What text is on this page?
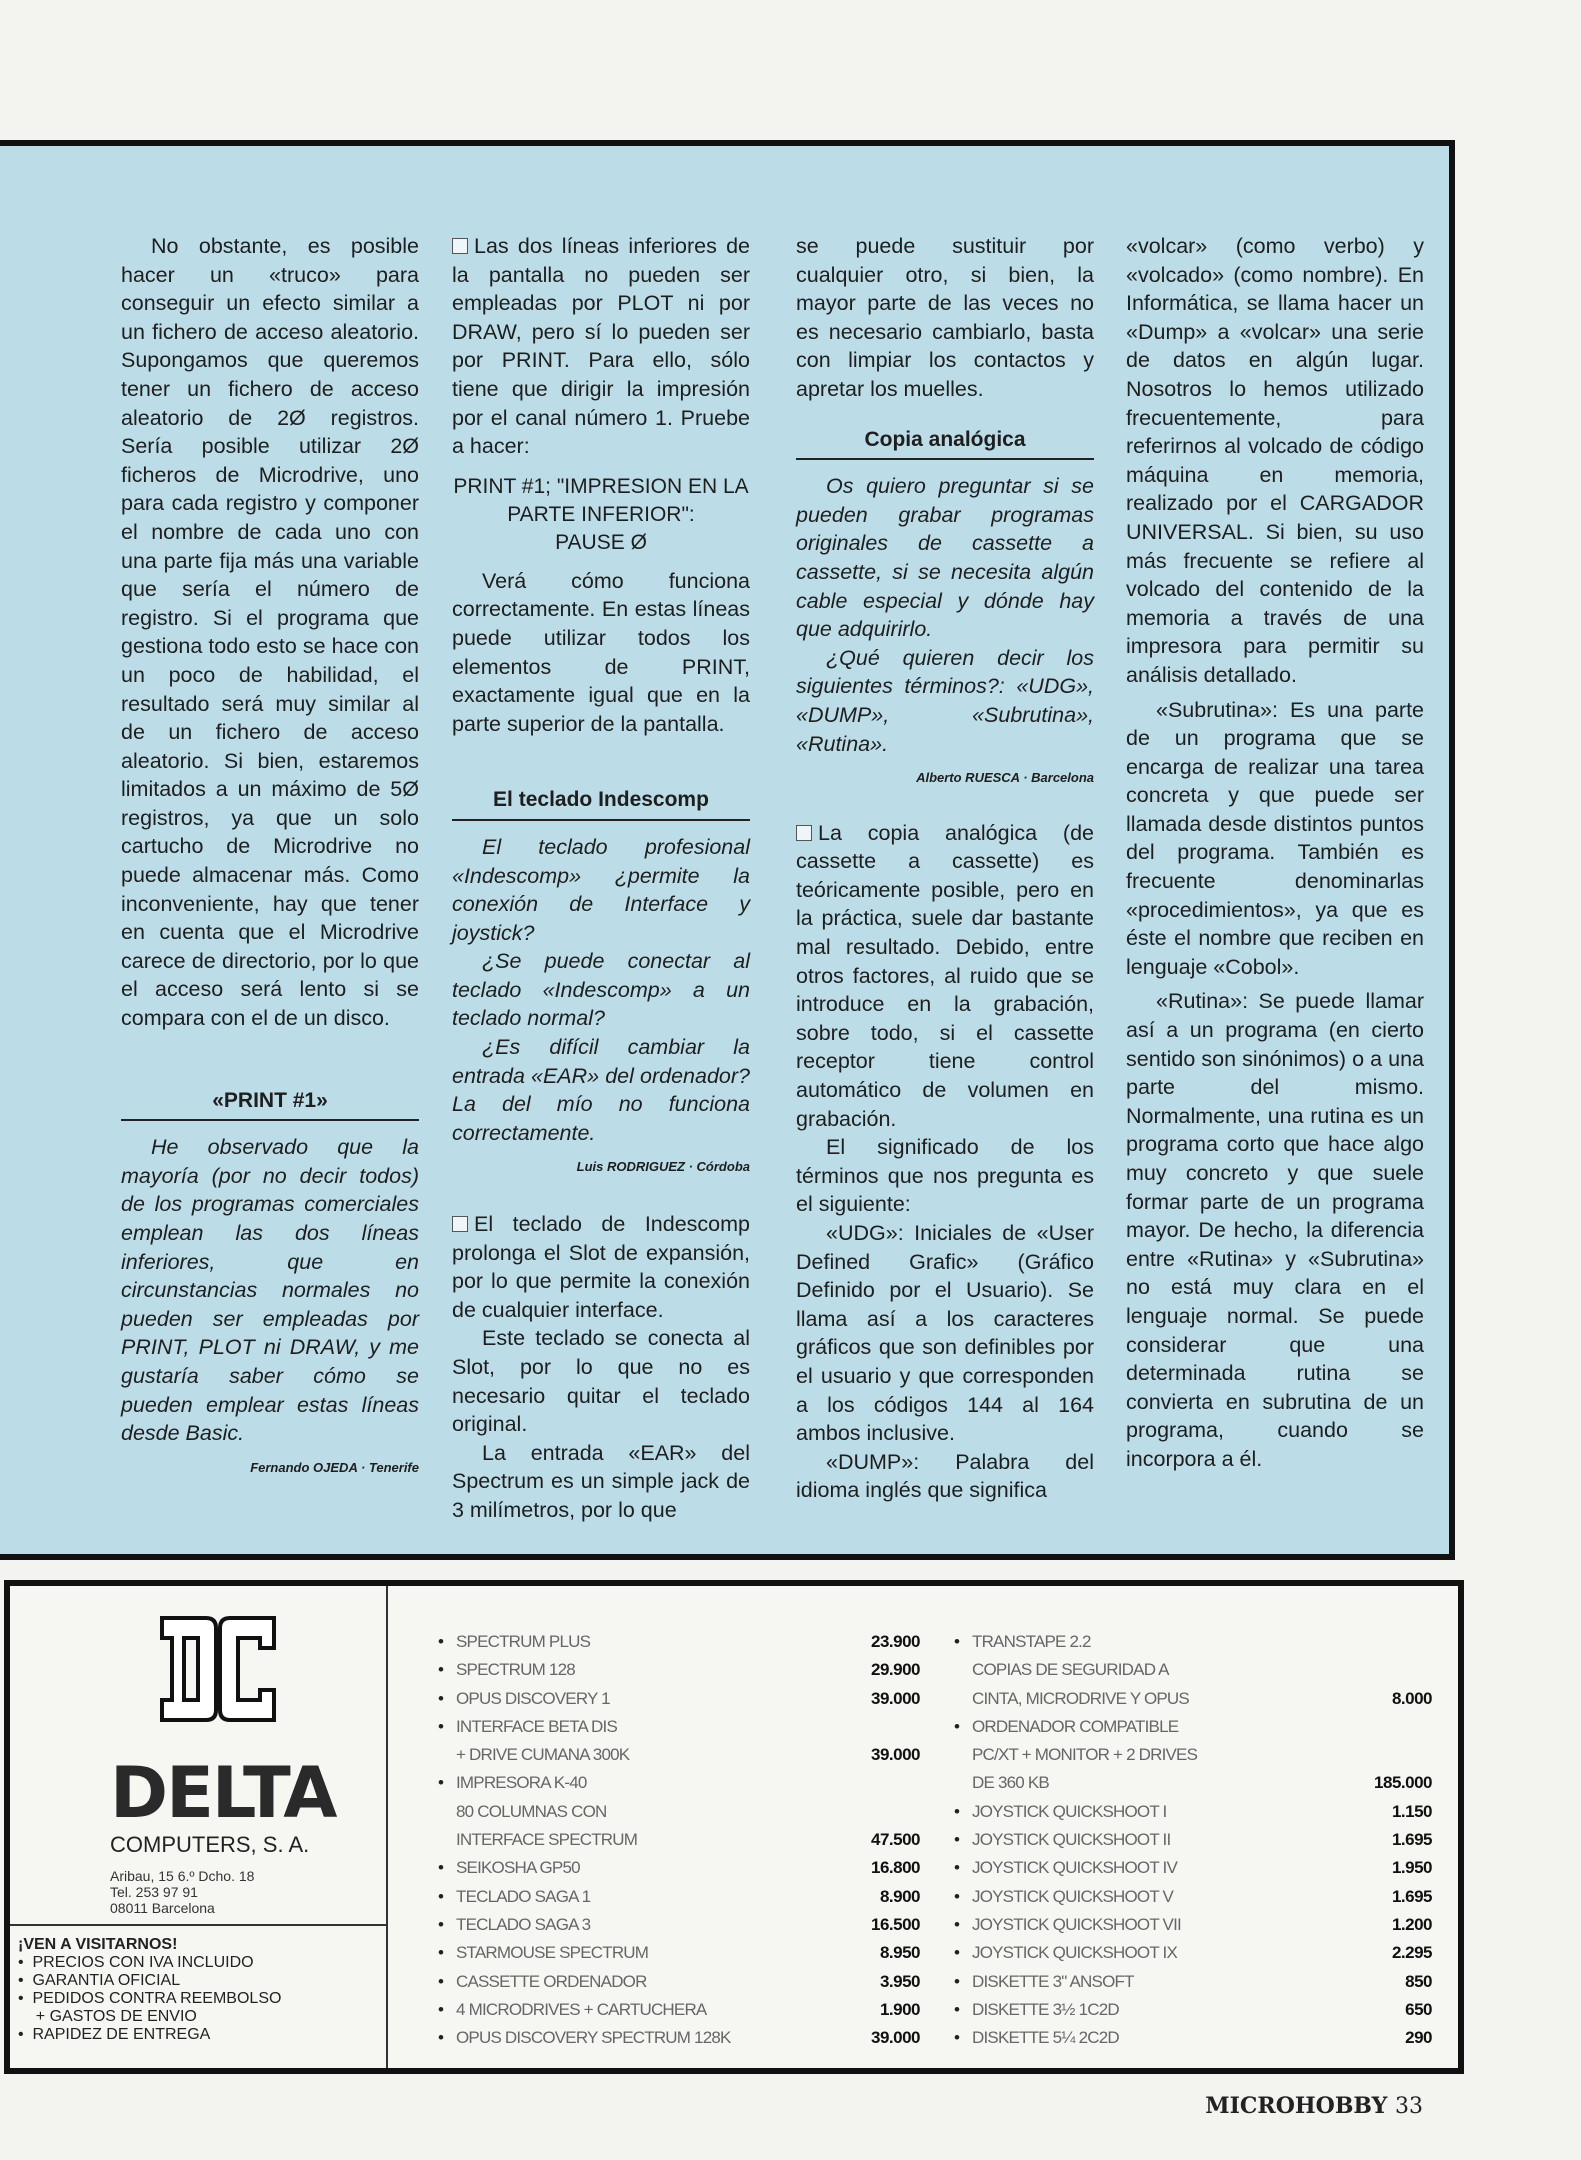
No obstante, es posible hacer un «truco» para conseguir un efecto similar a un fichero de acceso aleatorio. Supongamos que queremos tener un fichero de acceso aleatorio de 2Ø registros. Sería posible utilizar 2Ø ficheros de Microdrive, uno para cada registro y componer el nombre de cada uno con una parte fija más una variable que sería el número de registro. Si el programa que gestiona todo esto se hace con un poco de habilidad, el resultado será muy similar al de un fichero de acceso aleatorio. Si bien, estaremos limitados a un máximo de 5Ø registros, ya que un solo cartucho de Microdrive no puede almacenar más. Como inconveniente, hay que tener en cuenta que el Microdrive carece de directorio, por lo que el acceso será lento si se compara con el de un disco.

«PRINT #1»

He observado que la mayoría (por no decir todos) de los programas comerciales emplean las dos líneas inferiores, que en circunstancias normales no pueden ser empleadas por PRINT, PLOT ni DRAW, y me gustaría saber cómo se pueden emplear estas líneas desde Basic.

Fernando OJEDA · Tenerife

Las dos líneas inferiores de la pantalla no pueden ser empleadas por PLOT ni por DRAW, pero sí lo pueden ser por PRINT. Para ello, sólo tiene que dirigir la impresión por el canal número 1. Pruebe a hacer:

PRINT #1; "IMPRESION EN LA PARTE INFERIOR":
PAUSE Ø

Verá cómo funciona correctamente. En estas líneas puede utilizar todos los elementos de PRINT, exactamente igual que en la parte superior de la pantalla.

El teclado Indescomp

El teclado profesional «Indescomp» ¿permite la conexión de Interface y joystick?

¿Se puede conectar al teclado «Indescomp» a un teclado normal?

¿Es difícil cambiar la entrada «EAR» del ordenador? La del mío no funciona correctamente.

Luis RODRIGUEZ · Córdoba

El teclado de Indescomp prolonga el Slot de expansión, por lo que permite la conexión de cualquier interface.

Este teclado se conecta al Slot, por lo que no es necesario quitar el teclado original.

La entrada «EAR» del Spectrum es un simple jack de 3 milímetros, por lo que

se puede sustituir por cualquier otro, si bien, la mayor parte de las veces no es necesario cambiarlo, basta con limpiar los contactos y apretar los muelles.

Copia analógica

Os quiero preguntar si se pueden grabar programas originales de cassette a cassette, si se necesita algún cable especial y dónde hay que adquirirlo.

¿Qué quieren decir los siguientes términos?: «UDG», «DUMP», «Subrutina», «Rutina».

Alberto RUESCA · Barcelona

La copia analógica (de cassette a cassette) es teóricamente posible, pero en la práctica, suele dar bastante mal resultado. Debido, entre otros factores, al ruido que se introduce en la grabación, sobre todo, si el cassette receptor tiene control automático de volumen en grabación.

El significado de los términos que nos pregunta es el siguiente:

«UDG»: Iniciales de «User Defined Grafic» (Gráfico Definido por el Usuario). Se llama así a los caracteres gráficos que son definibles por el usuario y que corresponden a los códigos 144 al 164 ambos inclusive.

«DUMP»: Palabra del idioma inglés que significa

«volcar» (como verbo) y «volcado» (como nombre). En Informática, se llama hacer un «Dump» a «volcar» una serie de datos en algún lugar. Nosotros lo hemos utilizado frecuentemente, para referirnos al volcado de código máquina en memoria, realizado por el CARGADOR UNIVERSAL. Si bien, su uso más frecuente se refiere al volcado del contenido de la memoria a través de una impresora para permitir su análisis detallado.

«Subrutina»: Es una parte de un programa que se encarga de realizar una tarea concreta y que puede ser llamada desde distintos puntos del programa. También es frecuente denominarlas «procedimientos», ya que es éste el nombre que reciben en lenguaje «Cobol».

«Rutina»: Se puede llamar así a un programa (en cierto sentido son sinónimos) o a una parte del mismo. Normalmente, una rutina es un programa corto que hace algo muy concreto y que suele formar parte de un programa mayor. De hecho, la diferencia entre «Rutina» y «Subrutina» no está muy clara en el lenguaje normal. Se puede considerar que una determinada rutina se convierta en subrutina de un programa, cuando se incorpora a él.

DELTA
COMPUTERS, S. A.
Aribau, 15 6.º Dcho. 18
Tel. 253 97 91
08011 Barcelona
¡VEN A VISITARNOS!
•  PRECIOS CON IVA INCLUIDO
•  GARANTIA OFICIAL
•  PEDIDOS CONTRA REEMBOLSO
+ GASTOS DE ENVIO
•  RAPIDEZ DE ENTREGA
• SPECTRUM PLUS	23.900
• SPECTRUM 128	29.900
• OPUS DISCOVERY 1	39.000
• INTERFACE BETA DIS
+ DRIVE CUMANA 300K	39.000
• IMPRESORA K-40
80 COLUMNAS CON
INTERFACE SPECTRUM	47.500
• SEIKOSHA GP50	16.800
• TECLADO SAGA 1	8.900
• TECLADO SAGA 3	16.500
• STARMOUSE SPECTRUM	8.950
• CASSETTE ORDENADOR	3.950
• 4 MICRODRIVES + CARTUCHERA	1.900
• OPUS DISCOVERY SPECTRUM 128K	39.000
• TRANSTAPE 2.2
COPIAS DE SEGURIDAD A
CINTA, MICRODRIVE Y OPUS	8.000
• ORDENADOR COMPATIBLE
PC/XT + MONITOR + 2 DRIVES
DE 360 KB	185.000
• JOYSTICK QUICKSHOOT I	1.150
• JOYSTICK QUICKSHOOT II	1.695
• JOYSTICK QUICKSHOOT IV	1.950
• JOYSTICK QUICKSHOOT V	1.695
• JOYSTICK QUICKSHOOT VII	1.200
• JOYSTICK QUICKSHOOT IX	2.295
• DISKETTE 3" ANSOFT	850
• DISKETTE 3½ 1C2D	650
• DISKETTE 5¼ 2C2D	290
MICROHOBBY 33
